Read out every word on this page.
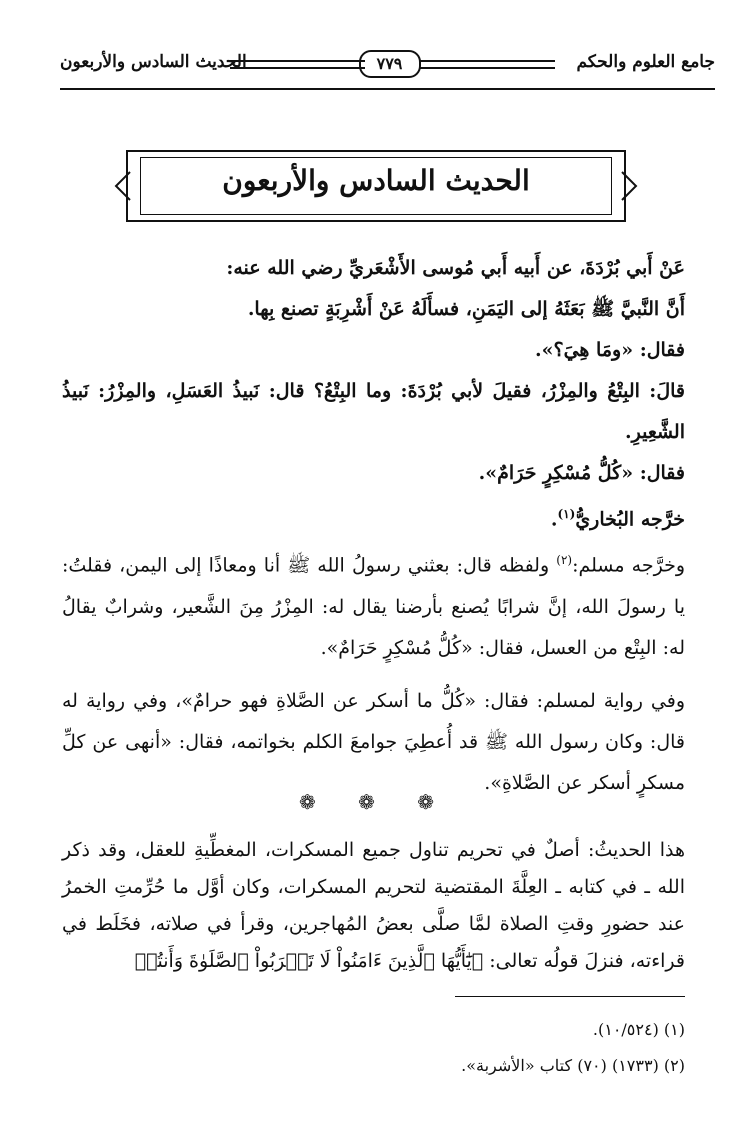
جامع العلوم والحكم
٧٧٩
الحديث السادس والأربعون
الحديث السادس والأربعون

عَنْ أَبي بُرْدَةَ، عن أَبيه أَبي مُوسى الأَشْعَريِّ رضي الله عنه:

أَنَّ النَّبيَّ ﷺ بَعَثَهُ إلى اليَمَنِ، فسأَلَهُ عَنْ أَشْرِبَةٍ تصنع بِها.

فقال: «ومَا هِيَ؟».

قالَ: البِتْعُ والمِزْرُ، فقيلَ لأبي بُرْدَةَ: وما البِتْعُ؟ قال: نَبيذُ العَسَلِ، والمِزْرُ: نَبيذُ الشَّعِيرِ.

فقال: «كُلُّ مُسْكِرٍ حَرَامٌ».

خرَّجه البُخاريُّ$^{(١)}$.

وخرَّجه مسلم:$^{(٢)}$ ولفظه قال: بعثني رسولُ الله ﷺ أنا ومعاذًا إلى اليمن، فقلتُ: يا رسولَ الله، إنَّ شرابًا يُصنع بأرضنا يقال له: المِزْرُ مِنَ الشَّعير، وشرابٌ يقالُ له: البِتْع من العسل، فقال: «كُلُّ مُسْكِرٍ حَرَامٌ».

وفي رواية لمسلم: فقال: «كُلُّ ما أسكر عن الصَّلاةِ فهو حرامٌ»، وفي رواية له قال: وكان رسول الله ﷺ قد أُعطِيَ جوامعَ الكلم بخواتمه، فقال: «أنهى عن كلِّ مسكرٍ أسكر عن الصَّلاةِ».

❁ ❁ ❁
هذا الحديثُ: أصلٌ في تحريم تناول جميع المسكرات، المغطِّيةِ للعقل، وقد ذكر الله ـ في كتابه ـ العِلَّةَ المقتضية لتحريم المسكرات، وكان أوَّل ما حُرِّمتِ الخمرُ عند حضورِ وقتِ الصلاة لمَّا صلَّى بعضُ المُهاجرين، وقرأ في صلاته، فخَلَط في قراءته، فنزلَ قولُه تعالى: ﴿يَٰٓأَيُّهَا ٱلَّذِينَ ءَامَنُواْ لَا تَقۡرَبُواْ ٱلصَّلَوٰةَ وَأَنتُمۡ
(١) (١٠/٥٢٤).
(٢) (١٧٣٣) (٧٠) كتاب «الأشربة».
